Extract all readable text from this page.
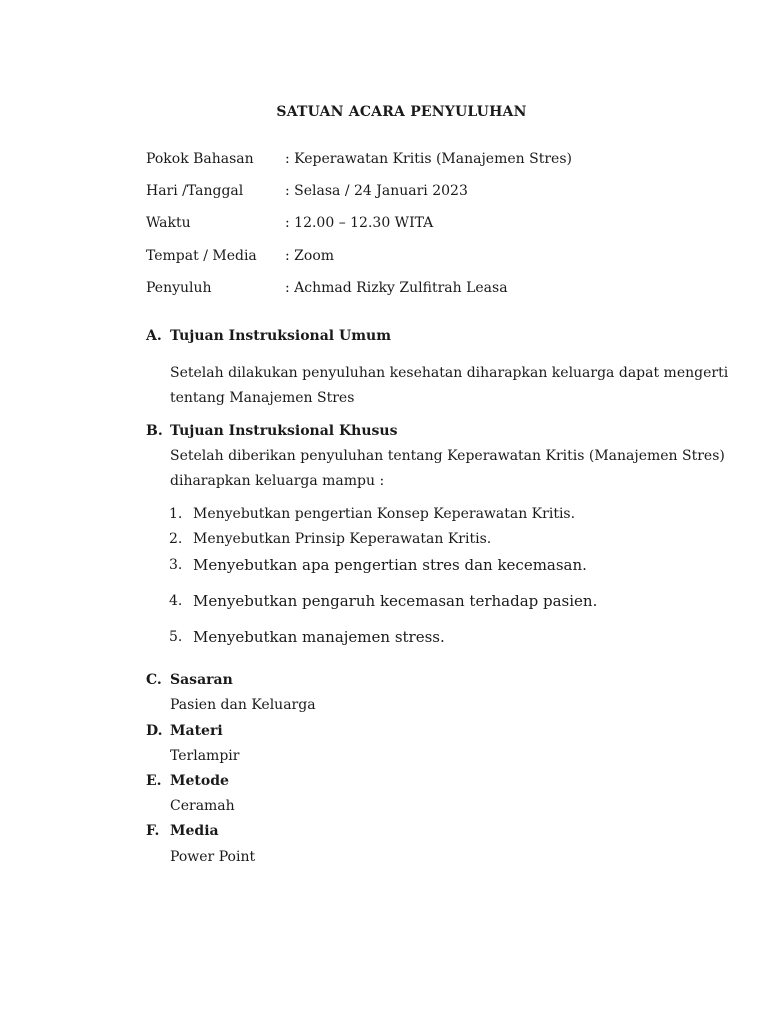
SATUAN ACARA PENYULUHAN
Pokok Bahasan : Keperawatan Kritis (Manajemen Stres)
Hari /Tanggal	: Selasa / 24 Januari 2023
Waktu	: 12.00 – 12.30 WITA
Tempat / Media : Zoom
Penyuluh	: Achmad Rizky Zulfitrah Leasa
A. Tujuan Instruksional Umum
Setelah dilakukan penyuluhan kesehatan diharapkan keluarga dapat mengerti
tentang Manajemen Stres
B. Tujuan Instruksional Khusus
Setelah diberikan penyuluhan tentang Keperawatan Kritis (Manajemen Stres)
diharapkan keluarga mampu :
1. Menyebutkan pengertian Konsep Keperawatan Kritis.
2. Menyebutkan Prinsip Keperawatan Kritis.
3. Menyebutkan apa pengertian stres dan kecemasan.
4. Menyebutkan pengaruh kecemasan terhadap pasien.
5. Menyebutkan manajemen stress.
C. Sasaran
Pasien dan Keluarga
D. Materi
Terlampir
E. Metode
Ceramah
F. Media
Power Point
